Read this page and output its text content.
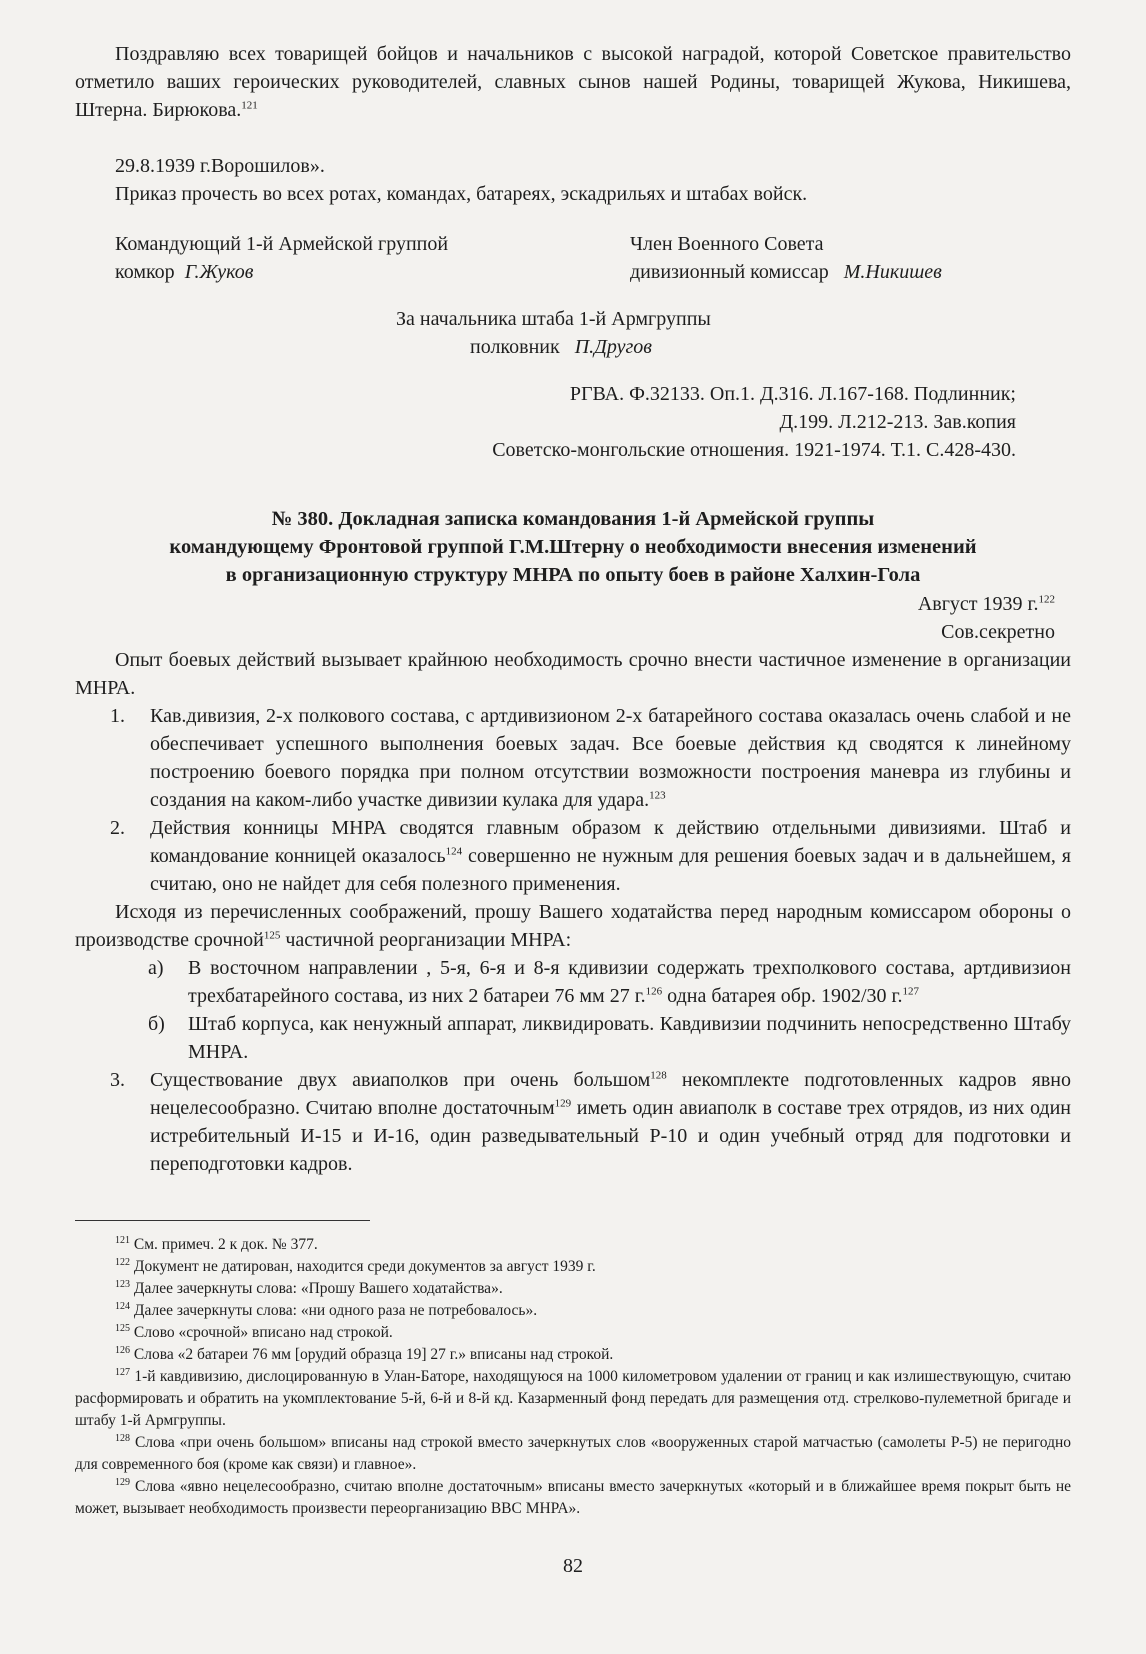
Поздравляю всех товарищей бойцов и начальников с высокой наградой, которой Советское правительство отметило ваших героических руководителей, славных сынов нашей Родины, товарищей Жукова, Никишева, Штерна. Бирюкова.$^{121}$

29.8.1939 г.Ворошилов».

Приказ прочесть во всех ротах, командах, батареях, эскадрильях и штабах войск.

Командующий 1-й Армейской группой

комкор Г.Жуков

Член Военного Совета

дивизионный комиссар М.Никишев

За начальника штаба 1-й Армгруппы

полковник П.Другов

РГВА. Ф.32133. Оп.1. Д.316. Л.167-168. Подлинник;
Д.199. Л.212-213. Зав.копия
Советско-монгольские отношения. 1921-1974. Т.1. С.428-430.
№ 380. Докладная записка командования 1-й Армейской группы
командующему Фронтовой группой Г.М.Штерну о необходимости внесения изменений
в организационную структуру МНРА по опыту боев в районе Халхин-Гола

Август 1939 г.$^{122}$

Сов.секретно

Опыт боевых действий вызывает крайнюю необходимость срочно внести частичное изменение в организации МНРА.

1. Кав.дивизия, 2-х полкового состава, с артдивизионом 2-х батарейного состава оказалась очень слабой и не обеспечивает успешного выполнения боевых задач. Все боевые действия кд сводятся к линейному построению боевого порядка при полном отсутствии возможности построения маневра из глубины и создания на каком-либо участке дивизии кулака для удара.$^{123}$

2. Действия конницы МНРА сводятся главным образом к действию отдельными дивизиями. Штаб и командование конницей оказалось$^{124}$ совершенно не нужным для решения боевых задач и в дальнейшем, я считаю, оно не найдет для себя полезного применения.

Исходя из перечисленных соображений, прошу Вашего ходатайства перед народным комиссаром обороны о производстве срочной$^{125}$ частичной реорганизации МНРА:

а) В восточном направлении , 5-я, 6-я и 8-я кдивизии содержать трехполкового состава, артдивизион трехбатарейного состава, из них 2 батареи 76 мм 27 г.$^{126}$ одна батарея обр. 1902/30 г.$^{127}$

б) Штаб корпуса, как ненужный аппарат, ликвидировать. Кавдивизии подчинить непосредственно Штабу МНРА.

3. Существование двух авиаполков при очень большом$^{128}$ некомплекте подготовленных кадров явно нецелесообразно. Считаю вполне достаточным$^{129}$ иметь один авиаполк в составе трех отрядов, из них один истребительный И-15 и И-16, один разведывательный Р-10 и один учебный отряд для подготовки и переподготовки кадров.

$^{121}$ См. примеч. 2 к док. № 377.

$^{122}$ Документ не датирован, находится среди документов за август 1939 г.

$^{123}$ Далее зачеркнуты слова: «Прошу Вашего ходатайства».

$^{124}$ Далее зачеркнуты слова: «ни одного раза не потребовалось».

$^{125}$ Слово «срочной» вписано над строкой.

$^{126}$ Слова «2 батареи 76 мм [орудий образца 19] 27 г.» вписаны над строкой.

$^{127}$ 1-й кавдивизию, дислоцированную в Улан-Баторе, находящуюся на 1000 километровом удалении от границ и как излишествующую, считаю расформировать и обратить на укомплектование 5-й, 6-й и 8-й кд. Казарменный фонд передать для размещения отд. стрелково-пулеметной бригаде и штабу 1-й Армгруппы.

$^{128}$ Слова «при очень большом» вписаны над строкой вместо зачеркнутых слов «вооруженных старой матчастью (самолеты Р-5) не перигодно для современного боя (кроме как связи) и главное».

$^{129}$ Слова «явно нецелесообразно, считаю вполне достаточным» вписаны вместо зачеркнутых «который и в ближайшее время покрыт быть не может, вызывает необходимость произвести переорганизацию ВВС МНРА».

82
